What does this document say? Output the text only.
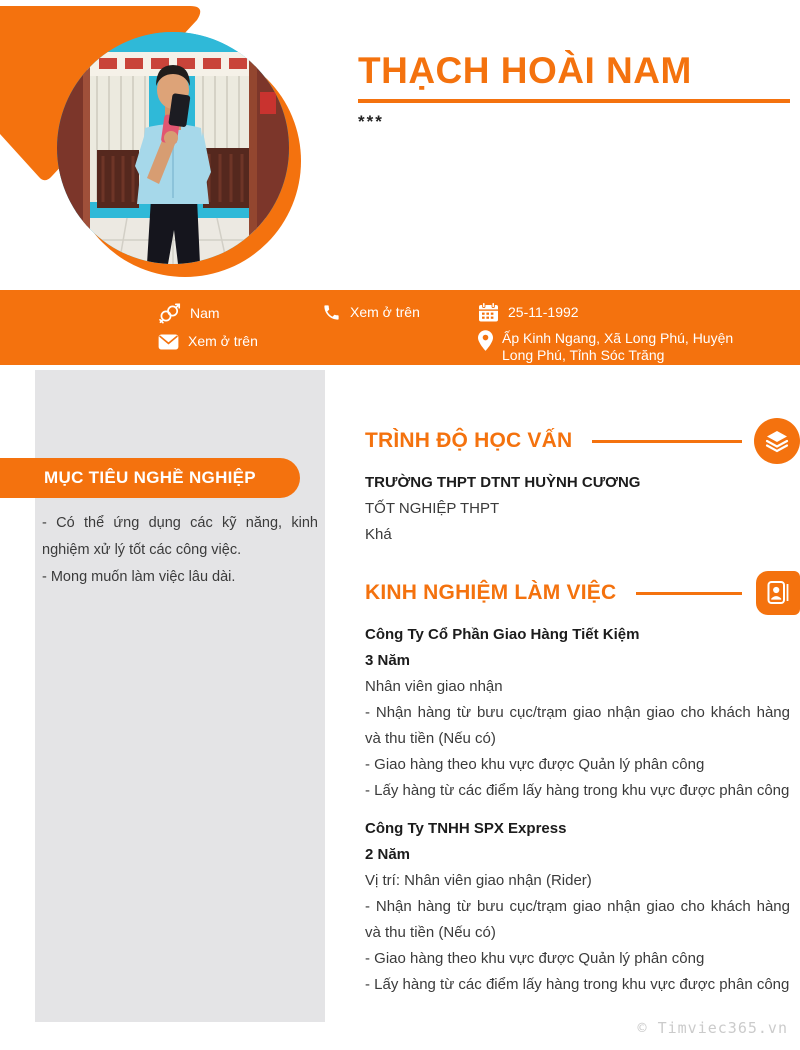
THẠCH HOÀI NAM
***
Nam	Xem ở trên	25-11-1992
Xem ở trên	Ấp Kinh Ngang, Xã Long Phú, Huyện Long Phú, Tỉnh Sóc Trăng
MỤC TIÊU NGHỀ NGHIỆP

- Có thể ứng dụng các kỹ năng, kinh nghiệm xử lý tốt các công việc.

- Mong muốn làm việc lâu dài.

TRÌNH ĐỘ HỌC VẤN

TRƯỜNG THPT DTNT HUỲNH CƯƠNG

TỐT NGHIỆP THPT

Khá

KINH NGHIỆM LÀM VIỆC

Công Ty Cổ Phần Giao Hàng Tiết Kiệm

3 Năm

Nhân viên giao nhận

- Nhận hàng từ bưu cục/trạm giao nhận giao cho khách hàng và thu tiền (Nếu có)

- Giao hàng theo khu vực được Quản lý phân công

- Lấy hàng từ các điểm lấy hàng trong khu vực được phân công

Công Ty TNHH SPX Express

2 Năm

Vị trí: Nhân viên giao nhận (Rider)

- Nhận hàng từ bưu cục/trạm giao nhận giao cho khách hàng và thu tiền (Nếu có)

- Giao hàng theo khu vực được Quản lý phân công

- Lấy hàng từ các điểm lấy hàng trong khu vực được phân công

© Timviec365.vn
